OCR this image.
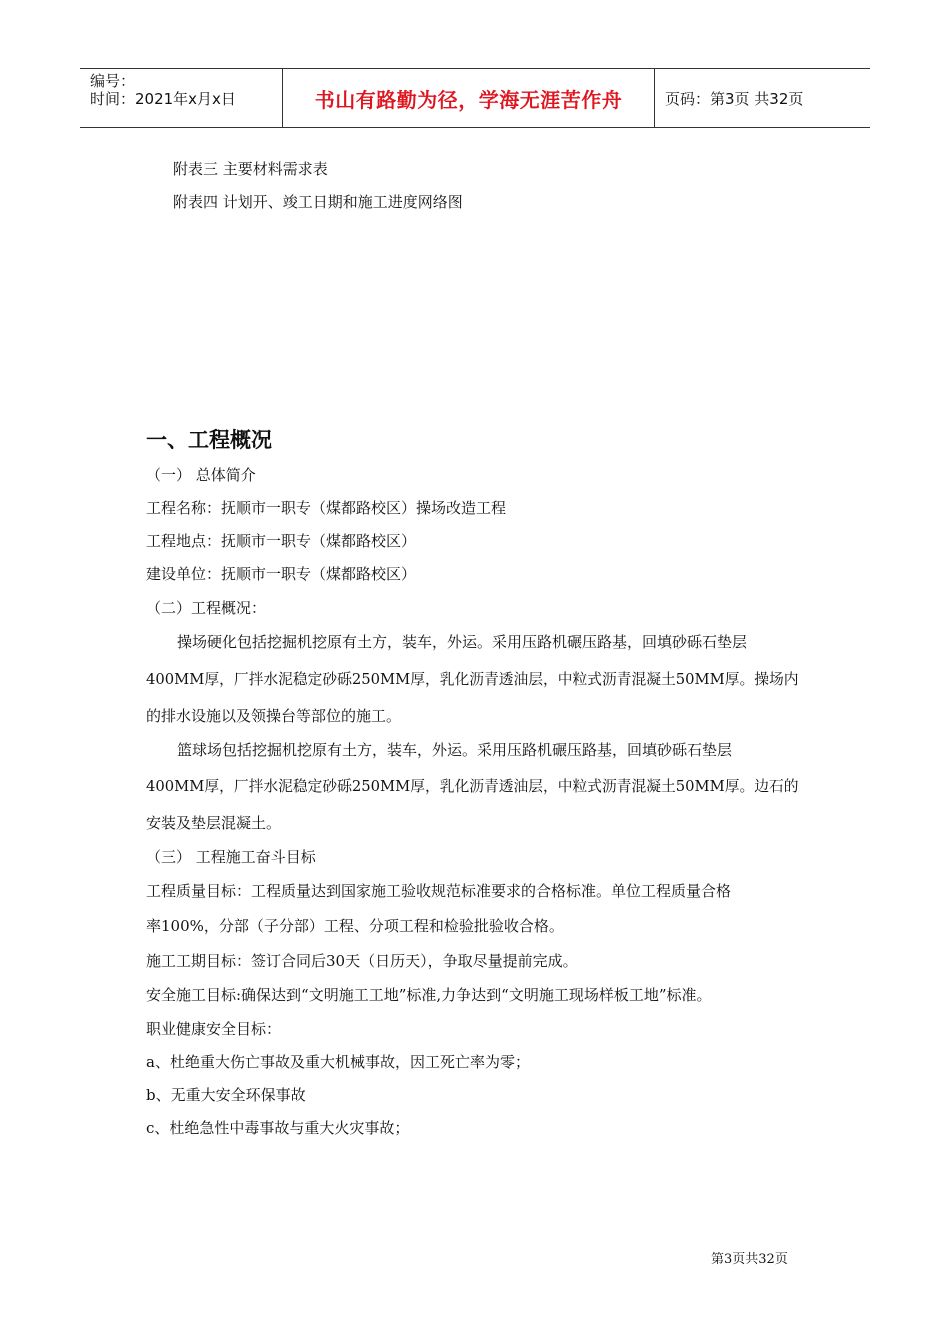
编号：
时间：2021年x月x日	书山有路勤为径，学海无涯苦作舟	页码：第3页 共32页
附表三 主要材料需求表
附表四 计划开、竣工日期和施工进度网络图
一、工程概况
（一） 总体简介
工程名称：抚顺市一职专（煤都路校区）操场改造工程
工程地点：抚顺市一职专（煤都路校区）
建设单位：抚顺市一职专（煤都路校区）
（二）工程概况：
操场硬化包括挖掘机挖原有土方，装车，外运。采用压路机碾压路基，回填砂砾石垫层
400MM厚，厂拌水泥稳定砂砾250MM厚，乳化沥青透油层，中粒式沥青混凝土50MM厚。操场内
的排水设施以及领操台等部位的施工。
篮球场包括挖掘机挖原有土方，装车，外运。采用压路机碾压路基，回填砂砾石垫层
400MM厚，厂拌水泥稳定砂砾250MM厚，乳化沥青透油层，中粒式沥青混凝土50MM厚。边石的
安装及垫层混凝土。
（三） 工程施工奋斗目标
工程质量目标：工程质量达到国家施工验收规范标准要求的合格标准。单位工程质量合格
率100%，分部（子分部）工程、分项工程和检验批验收合格。
施工工期目标：签订合同后30天（日历天），争取尽量提前完成。
安全施工目标:确保达到“文明施工工地”标准,力争达到“文明施工现场样板工地”标准。
职业健康安全目标：
a、杜绝重大伤亡事故及重大机械事故，因工死亡率为零；
b、无重大安全环保事故
c、杜绝急性中毒事故与重大火灾事故；
第3页共32页
